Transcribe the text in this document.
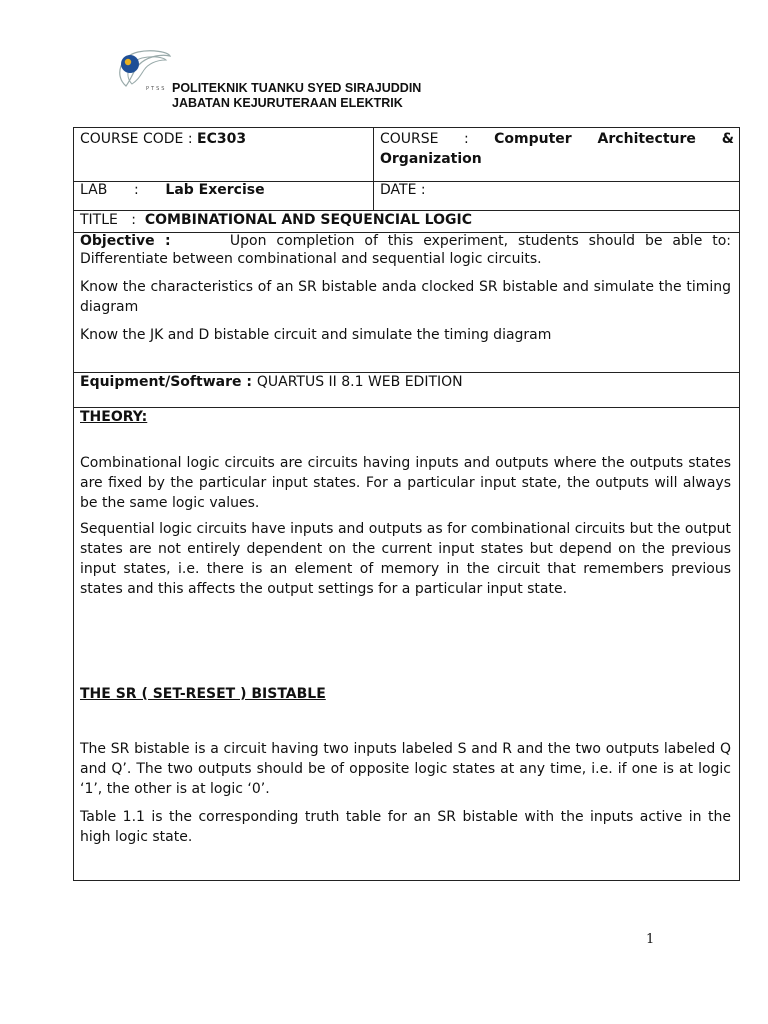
PTSS POLITEKNIK TUANKU SYED SIRAJUDDIN
JABATAN KEJURUTERAAN ELEKTRIK
COURSE CODE : EC303	COURSE : Computer Architecture & Organization
LAB      :      Lab Exercise	DATE :
TITLE   :  COMBINATIONAL AND SEQUENCIAL LOGIC
Objective :      Upon completion of this experiment, students should be able to: Differentiate between combinational and sequential logic circuits.
Know the characteristics of an SR bistable anda clocked SR bistable and simulate the timing diagram
Know the JK and D bistable circuit and simulate the timing diagram
Equipment/Software : QUARTUS II 8.1 WEB EDITION
THEORY:
Combinational logic circuits are circuits having inputs and outputs where the outputs states are fixed by the particular input states. For a particular input state, the outputs will always be the same logic values.
Sequential logic circuits have inputs and outputs as for combinational circuits but the output states are not entirely dependent on the current input states but depend on the previous input states, i.e. there is an element of memory in the circuit that remembers previous states and this affects the output settings for a particular input state.
THE SR ( SET-RESET ) BISTABLE
The SR bistable is a circuit having two inputs labeled S and R and the two outputs labeled Q and Q’. The two outputs should be of opposite logic states at any time, i.e. if one is at logic ‘1’, the other is at logic ‘0’.
Table 1.1 is the corresponding truth table for an SR bistable with the inputs active in the high logic state.
1
